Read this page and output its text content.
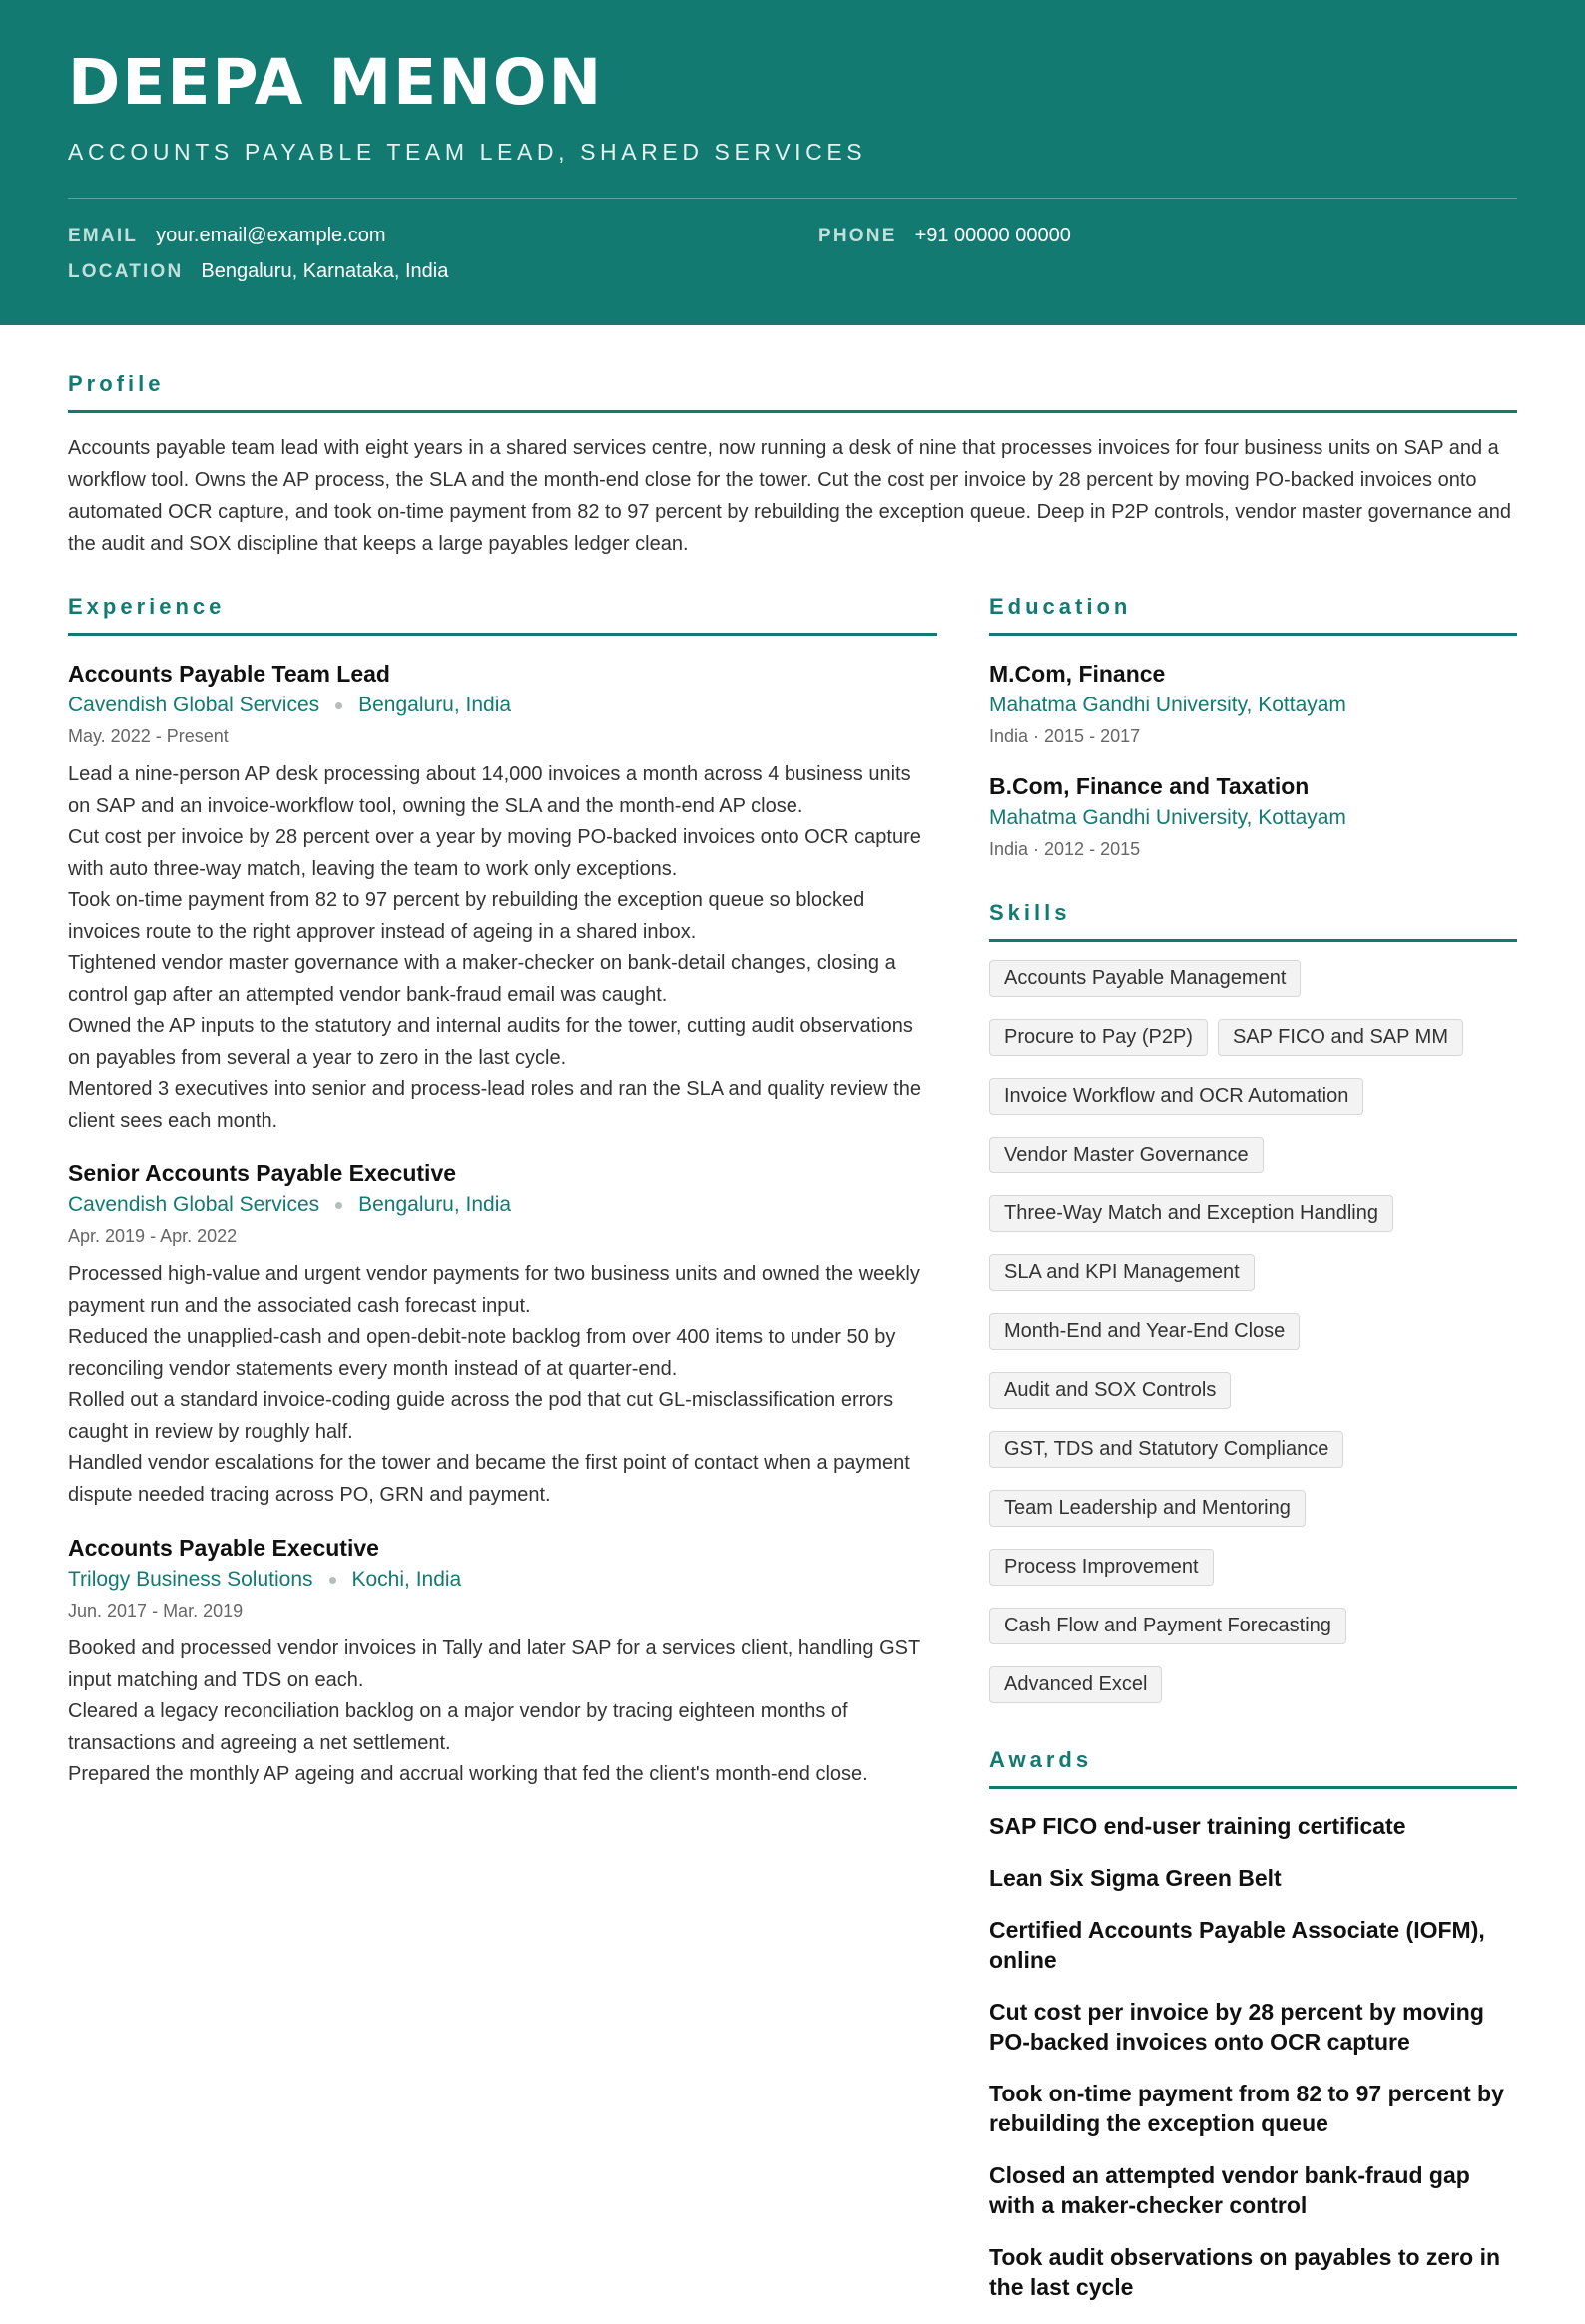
DEEPA MENON
ACCOUNTS PAYABLE TEAM LEAD, SHARED SERVICES
EMAIL your.email@example.com	PHONE +91 00000 00000
LOCATION Bengaluru, Karnataka, India
Profile

Accounts payable team lead with eight years in a shared services centre, now running a desk of nine that processes invoices for four business units on SAP and a workflow tool. Owns the AP process, the SLA and the month-end close for the tower. Cut the cost per invoice by 28 percent by moving PO-backed invoices onto automated OCR capture, and took on-time payment from 82 to 97 percent by rebuilding the exception queue. Deep in P2P controls, vendor master governance and the audit and SOX discipline that keeps a large payables ledger clean.

Experience
Accounts Payable Team Lead
Cavendish Global Services Bengaluru, India
May. 2022 - Present
Lead a nine-person AP desk processing about 14,000 invoices a month across 4 business units on SAP and an invoice-workflow tool, owning the SLA and the month-end AP close.
Cut cost per invoice by 28 percent over a year by moving PO-backed invoices onto OCR capture with auto three-way match, leaving the team to work only exceptions.
Took on-time payment from 82 to 97 percent by rebuilding the exception queue so blocked invoices route to the right approver instead of ageing in a shared inbox.
Tightened vendor master governance with a maker-checker on bank-detail changes, closing a control gap after an attempted vendor bank-fraud email was caught.
Owned the AP inputs to the statutory and internal audits for the tower, cutting audit observations on payables from several a year to zero in the last cycle.
Mentored 3 executives into senior and process-lead roles and ran the SLA and quality review the client sees each month.
Senior Accounts Payable Executive
Cavendish Global Services Bengaluru, India
Apr. 2019 - Apr. 2022
Processed high-value and urgent vendor payments for two business units and owned the weekly payment run and the associated cash forecast input.
Reduced the unapplied-cash and open-debit-note backlog from over 400 items to under 50 by reconciling vendor statements every month instead of at quarter-end.
Rolled out a standard invoice-coding guide across the pod that cut GL-misclassification errors caught in review by roughly half.
Handled vendor escalations for the tower and became the first point of contact when a payment dispute needed tracing across PO, GRN and payment.
Accounts Payable Executive
Trilogy Business Solutions Kochi, India
Jun. 2017 - Mar. 2019
Booked and processed vendor invoices in Tally and later SAP for a services client, handling GST input matching and TDS on each.
Cleared a legacy reconciliation backlog on a major vendor by tracing eighteen months of transactions and agreeing a net settlement.
Prepared the monthly AP ageing and accrual working that fed the client's month-end close.
Education
M.Com, Finance
Mahatma Gandhi University, Kottayam
India · 2015 - 2017
B.Com, Finance and Taxation
Mahatma Gandhi University, Kottayam
India · 2012 - 2015
Skills
Accounts Payable Management
Procure to Pay (P2P)	SAP FICO and SAP MM
Invoice Workflow and OCR Automation
Vendor Master Governance
Three-Way Match and Exception Handling
SLA and KPI Management
Month-End and Year-End Close
Audit and SOX Controls
GST, TDS and Statutory Compliance
Team Leadership and Mentoring
Process Improvement
Cash Flow and Payment Forecasting
Advanced Excel
Awards
SAP FICO end-user training certificate
Lean Six Sigma Green Belt
Certified Accounts Payable Associate (IOFM), online
Cut cost per invoice by 28 percent by moving PO-backed invoices onto OCR capture
Took on-time payment from 82 to 97 percent by rebuilding the exception queue
Closed an attempted vendor bank-fraud gap with a maker-checker control
Took audit observations on payables to zero in the last cycle
